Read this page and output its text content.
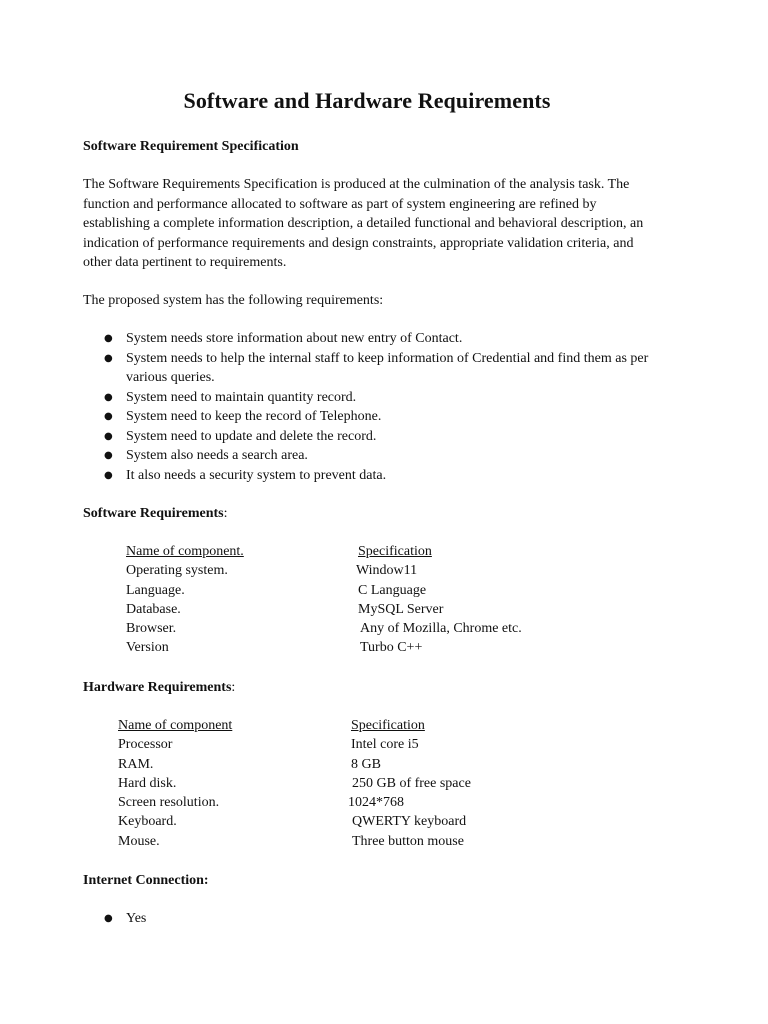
Software and Hardware Requirements
Software Requirement Specification
The Software Requirements Specification is produced at the culmination of the analysis task. The function and performance allocated to software as part of system engineering are refined by establishing a complete information description, a detailed functional and behavioral description, an indication of performance requirements and design constraints, appropriate validation criteria, and other data pertinent to requirements.
The proposed system has the following requirements:
● System needs store information about new entry of Contact.
● System needs to help the internal staff to keep information of Credential and find them as per various queries.
● System need to maintain quantity record.
● System need to keep the record of Telephone.
● System need to update and delete the record.
● System also needs a search area.
● It also needs a security system to prevent data.
Software Requirements:
Name of component.	Specification
Operating system.	Window11
Language.	C Language
Database.	MySQL Server
Browser.	Any of Mozilla, Chrome etc.
Version	Turbo C++
Hardware Requirements:
Name of component	Specification
Processor	Intel core i5
RAM.	8 GB
Hard disk.	250 GB of free space
Screen resolution.	1024*768
Keyboard.	QWERTY keyboard
Mouse.	Three button mouse
Internet Connection:
● Yes
